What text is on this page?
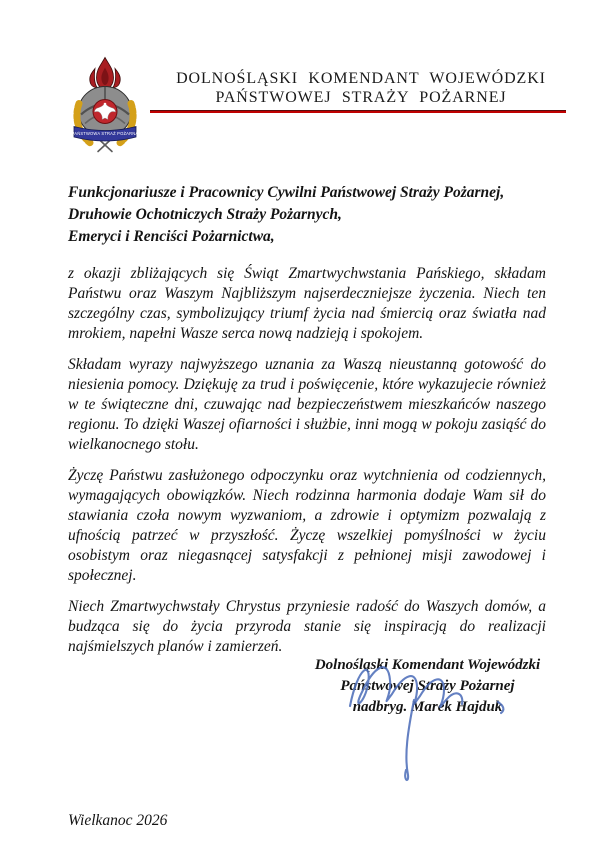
PAŃSTWOWA STRAŻ POŻARNA
DOLNOŚLĄSKI KOMENDANT WOJEWÓDZKI
PAŃSTWOWEJ STRAŻY POŻARNEJ
Funkcjonariusze i Pracownicy Cywilni Państwowej Straży Pożarnej,
Druhowie Ochotniczych Straży Pożarnych,
Emeryci i Renciści Pożarnictwa,

z okazji zbliżających się Świąt Zmartwychwstania Pańskiego, składam Państwu oraz Waszym Najbliższym najserdeczniejsze życzenia. Niech ten szczególny czas, symbolizujący triumf życia nad śmiercią oraz światła nad mrokiem, napełni Wasze serca nową nadzieją i spokojem.

Składam wyrazy najwyższego uznania za Waszą nieustanną gotowość do niesienia pomocy. Dziękuję za trud i poświęcenie, które wykazujecie również w te świąteczne dni, czuwając nad bezpieczeństwem mieszkańców naszego regionu. To dzięki Waszej ofiarności i służbie, inni mogą w pokoju zasiąść do wielkanocnego stołu.

Życzę Państwu zasłużonego odpoczynku oraz wytchnienia od codziennych, wymagających obowiązków. Niech rodzinna harmonia dodaje Wam sił do stawiania czoła nowym wyzwaniom, a zdrowie i optymizm pozwalają z ufnością patrzeć w przyszłość. Życzę wszelkiej pomyślności w życiu osobistym oraz niegasnącej satysfakcji z pełnionej misji zawodowej i społecznej.

Niech Zmartwychwstały Chrystus przyniesie radość do Waszych domów, a budząca się do życia przyroda stanie się inspiracją do realizacji najśmielszych planów i zamierzeń.

Dolnośląski Komendant Wojewódzki
Państwowej Straży Pożarnej
nadbryg. Marek Hajduk
Wielkanoc 2026
